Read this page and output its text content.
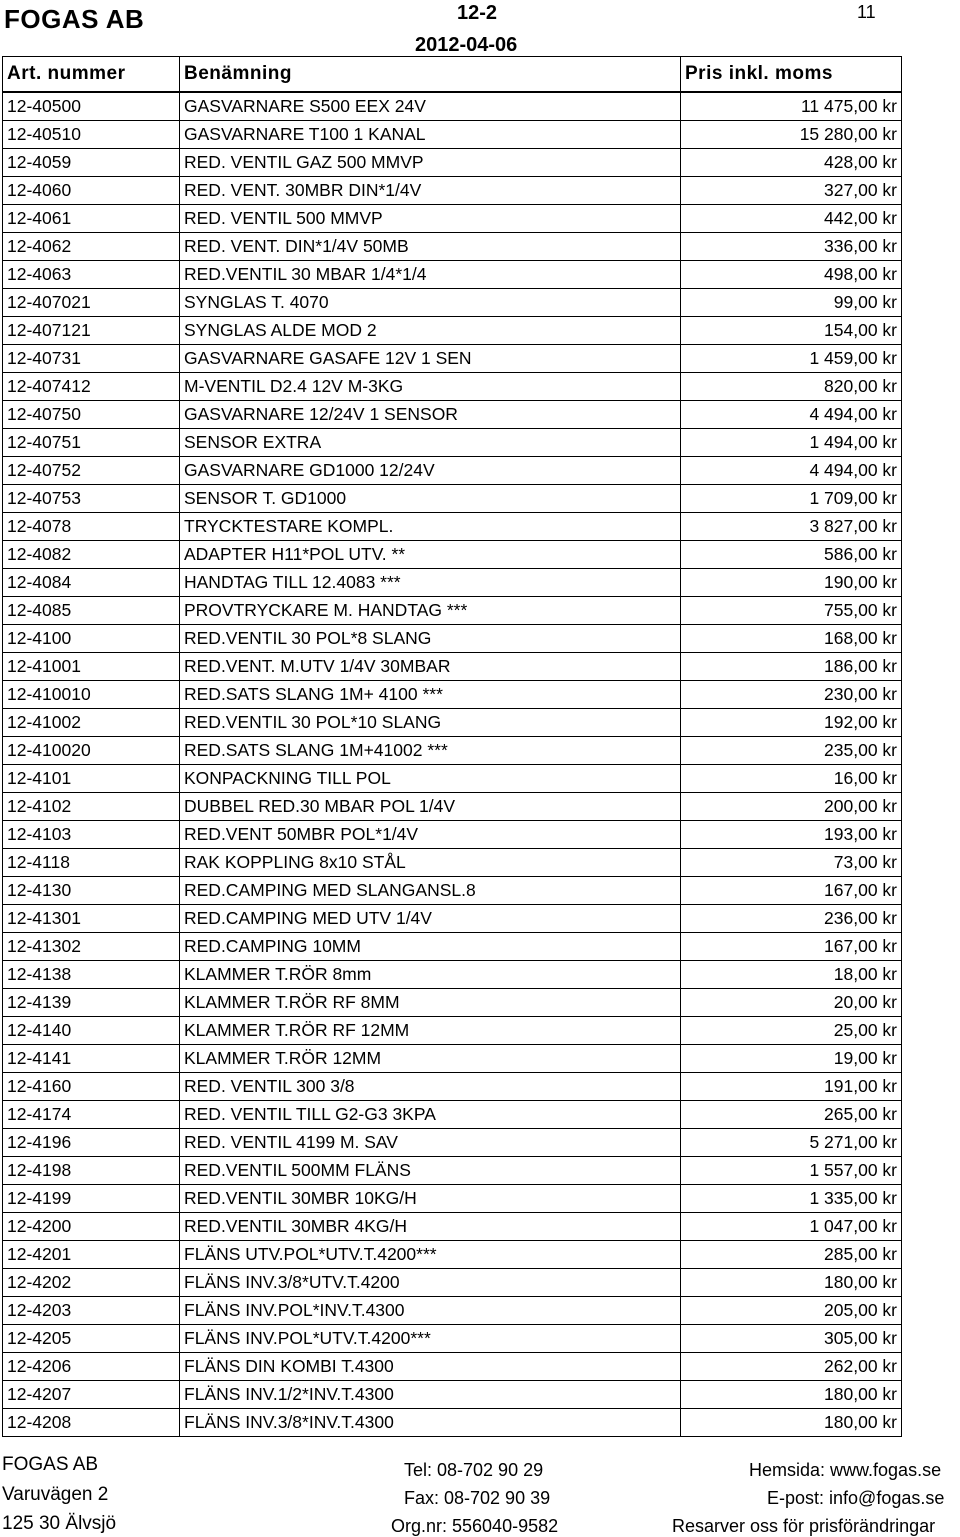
FOGAS AB	12-2	11
2012-04-06
Art. nummer	Benämning	Pris inkl. moms
12-40500	GASVARNARE S500 EEX 24V	11 475,00 kr
12-40510	GASVARNARE T100 1 KANAL	15 280,00 kr
12-4059	RED. VENTIL GAZ 500 MMVP	428,00 kr
12-4060	RED. VENT. 30MBR DIN*1/4V	327,00 kr
12-4061	RED. VENTIL 500 MMVP	442,00 kr
12-4062	RED. VENT. DIN*1/4V 50MB	336,00 kr
12-4063	RED.VENTIL 30 MBAR 1/4*1/4	498,00 kr
12-407021	SYNGLAS T. 4070	99,00 kr
12-407121	SYNGLAS ALDE MOD 2	154,00 kr
12-40731	GASVARNARE GASAFE 12V 1 SEN	1 459,00 kr
12-407412	M-VENTIL D2.4 12V M-3KG	820,00 kr
12-40750	GASVARNARE 12/24V 1 SENSOR	4 494,00 kr
12-40751	SENSOR EXTRA	1 494,00 kr
12-40752	GASVARNARE GD1000 12/24V	4 494,00 kr
12-40753	SENSOR T. GD1000	1 709,00 kr
12-4078	TRYCKTESTARE KOMPL.	3 827,00 kr
12-4082	ADAPTER H11*POL UTV. **	586,00 kr
12-4084	HANDTAG TILL 12.4083 ***	190,00 kr
12-4085	PROVTRYCKARE M. HANDTAG ***	755,00 kr
12-4100	RED.VENTIL 30 POL*8 SLANG	168,00 kr
12-41001	RED.VENT. M.UTV 1/4V 30MBAR	186,00 kr
12-410010	RED.SATS SLANG 1M+ 4100 ***	230,00 kr
12-41002	RED.VENTIL 30 POL*10 SLANG	192,00 kr
12-410020	RED.SATS SLANG 1M+41002 ***	235,00 kr
12-4101	KONPACKNING TILL POL	16,00 kr
12-4102	DUBBEL RED.30 MBAR POL 1/4V	200,00 kr
12-4103	RED.VENT 50MBR POL*1/4V	193,00 kr
12-4118	RAK KOPPLING 8x10 STÅL	73,00 kr
12-4130	RED.CAMPING MED SLANGANSL.8	167,00 kr
12-41301	RED.CAMPING MED UTV 1/4V	236,00 kr
12-41302	RED.CAMPING 10MM	167,00 kr
12-4138	KLAMMER T.RÖR 8mm	18,00 kr
12-4139	KLAMMER T.RÖR RF 8MM	20,00 kr
12-4140	KLAMMER T.RÖR RF 12MM	25,00 kr
12-4141	KLAMMER T.RÖR 12MM	19,00 kr
12-4160	RED. VENTIL 300 3/8	191,00 kr
12-4174	RED. VENTIL TILL G2-G3 3KPA	265,00 kr
12-4196	RED. VENTIL 4199 M. SAV	5 271,00 kr
12-4198	RED.VENTIL 500MM FLÄNS	1 557,00 kr
12-4199	RED.VENTIL 30MBR 10KG/H	1 335,00 kr
12-4200	RED.VENTIL 30MBR 4KG/H	1 047,00 kr
12-4201	FLÄNS UTV.POL*UTV.T.4200***	285,00 kr
12-4202	FLÄNS INV.3/8*UTV.T.4200	180,00 kr
12-4203	FLÄNS INV.POL*INV.T.4300	205,00 kr
12-4205	FLÄNS INV.POL*UTV.T.4200***	305,00 kr
12-4206	FLÄNS DIN KOMBI T.4300	262,00 kr
12-4207	FLÄNS INV.1/2*INV.T.4300	180,00 kr
12-4208	FLÄNS INV.3/8*INV.T.4300	180,00 kr
FOGAS AB
Varuvägen 2
125 30 Älvsjö
Tel: 08-702 90 29
Fax: 08-702 90 39
Org.nr: 556040-9582
Hemsida: www.fogas.se
E-post: info@fogas.se
Resarver oss för prisförändringar
